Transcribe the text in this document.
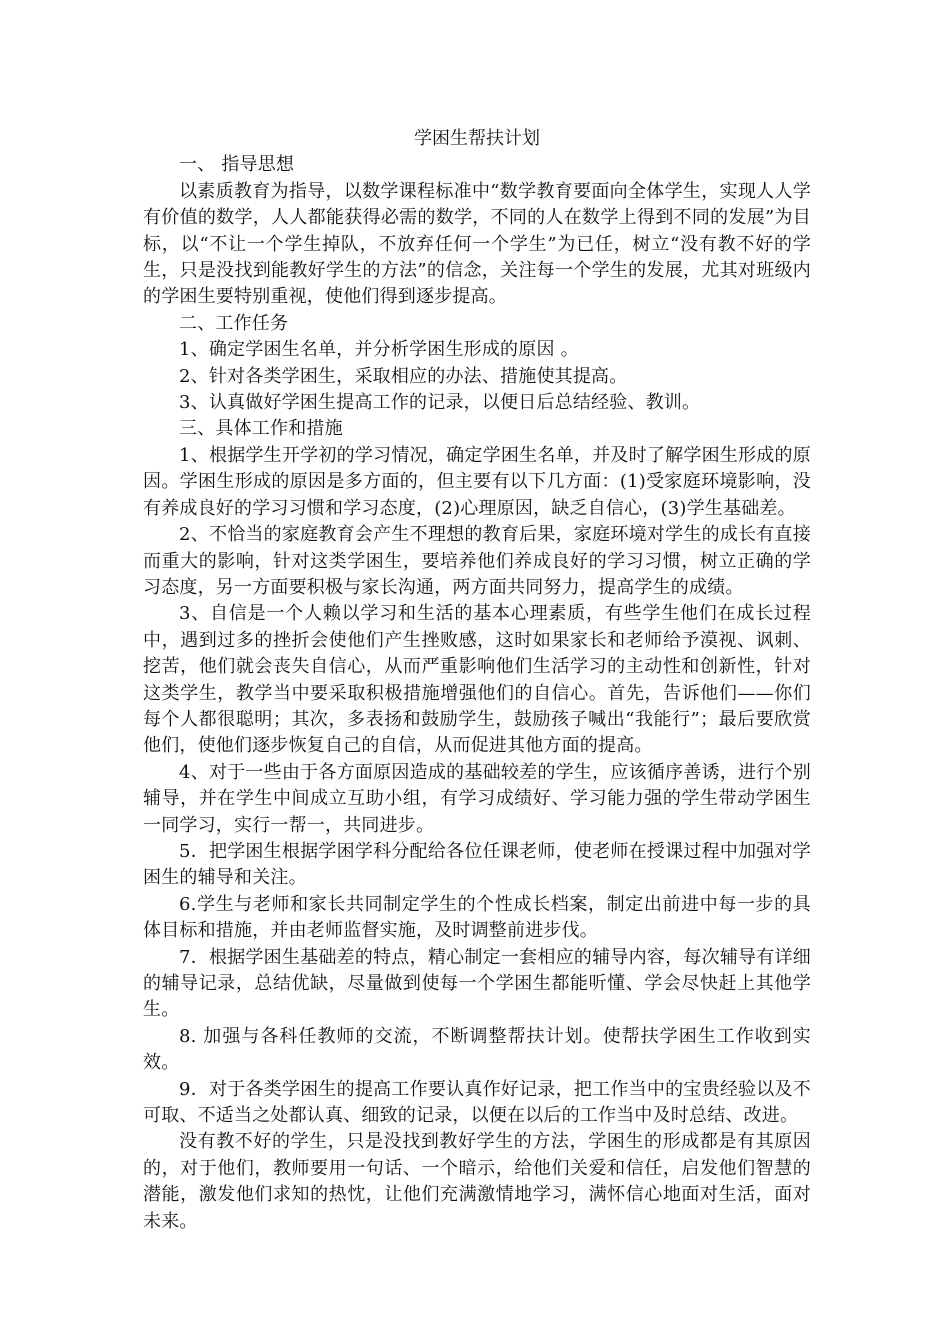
学困生帮扶计划

一、 指导思想

以素质教育为指导，以数学课程标准中“数学教育要面向全体学生，实现人人学有价值的数学，人人都能获得必需的数学，不同的人在数学上得到不同的发展”为目标，以“不让一个学生掉队，不放弃任何一个学生”为已任，树立“没有教不好的学生，只是没找到能教好学生的方法”的信念，关注每一个学生的发展，尤其对班级内的学困生要特别重视，使他们得到逐步提高。

二、工作任务

1、确定学困生名单，并分析学困生形成的原因 。

2、针对各类学困生，采取相应的办法、措施使其提高。

3、认真做好学困生提高工作的记录，以便日后总结经验、教训。

三、具体工作和措施

1、根据学生开学初的学习情况，确定学困生名单，并及时了解学困生形成的原因。学困生形成的原因是多方面的，但主要有以下几方面：(1)受家庭环境影响，没有养成良好的学习习惯和学习态度，(2)心理原因，缺乏自信心，(3)学生基础差。

2、不恰当的家庭教育会产生不理想的教育后果，家庭环境对学生的成长有直接而重大的影响，针对这类学困生，要培养他们养成良好的学习习惯，树立正确的学习态度，另一方面要积极与家长沟通，两方面共同努力，提高学生的成绩。

3、自信是一个人赖以学习和生活的基本心理素质，有些学生他们在成长过程中，遇到过多的挫折会使他们产生挫败感，这时如果家长和老师给予漠视、讽刺、挖苦，他们就会丧失自信心，从而严重影响他们生活学习的主动性和创新性，针对这类学生，教学当中要采取积极措施增强他们的自信心。首先，告诉他们——你们每个人都很聪明；其次，多表扬和鼓励学生，鼓励孩子喊出“我能行”；最后要欣赏他们，使他们逐步恢复自己的自信，从而促进其他方面的提高。

4、对于一些由于各方面原因造成的基础较差的学生，应该循序善诱，进行个别辅导，并在学生中间成立互助小组，有学习成绩好、学习能力强的学生带动学困生一同学习，实行一帮一，共同进步。

5．把学困生根据学困学科分配给各位任课老师，使老师在授课过程中加强对学困生的辅导和关注。

6.学生与老师和家长共同制定学生的个性成长档案，制定出前进中每一步的具体目标和措施，并由老师监督实施，及时调整前进步伐。

7．根据学困生基础差的特点，精心制定一套相应的辅导内容，每次辅导有详细的辅导记录，总结优缺，尽量做到使每一个学困生都能听懂、学会尽快赶上其他学生。

8. 加强与各科任教师的交流，不断调整帮扶计划。使帮扶学困生工作收到实效。

9．对于各类学困生的提高工作要认真作好记录，把工作当中的宝贵经验以及不可取、不适当之处都认真、细致的记录，以便在以后的工作当中及时总结、改进。

没有教不好的学生，只是没找到教好学生的方法，学困生的形成都是有其原因的，对于他们，教师要用一句话、一个暗示，给他们关爱和信任，启发他们智慧的潜能，激发他们求知的热忱，让他们充满激情地学习，满怀信心地面对生活，面对未来。
